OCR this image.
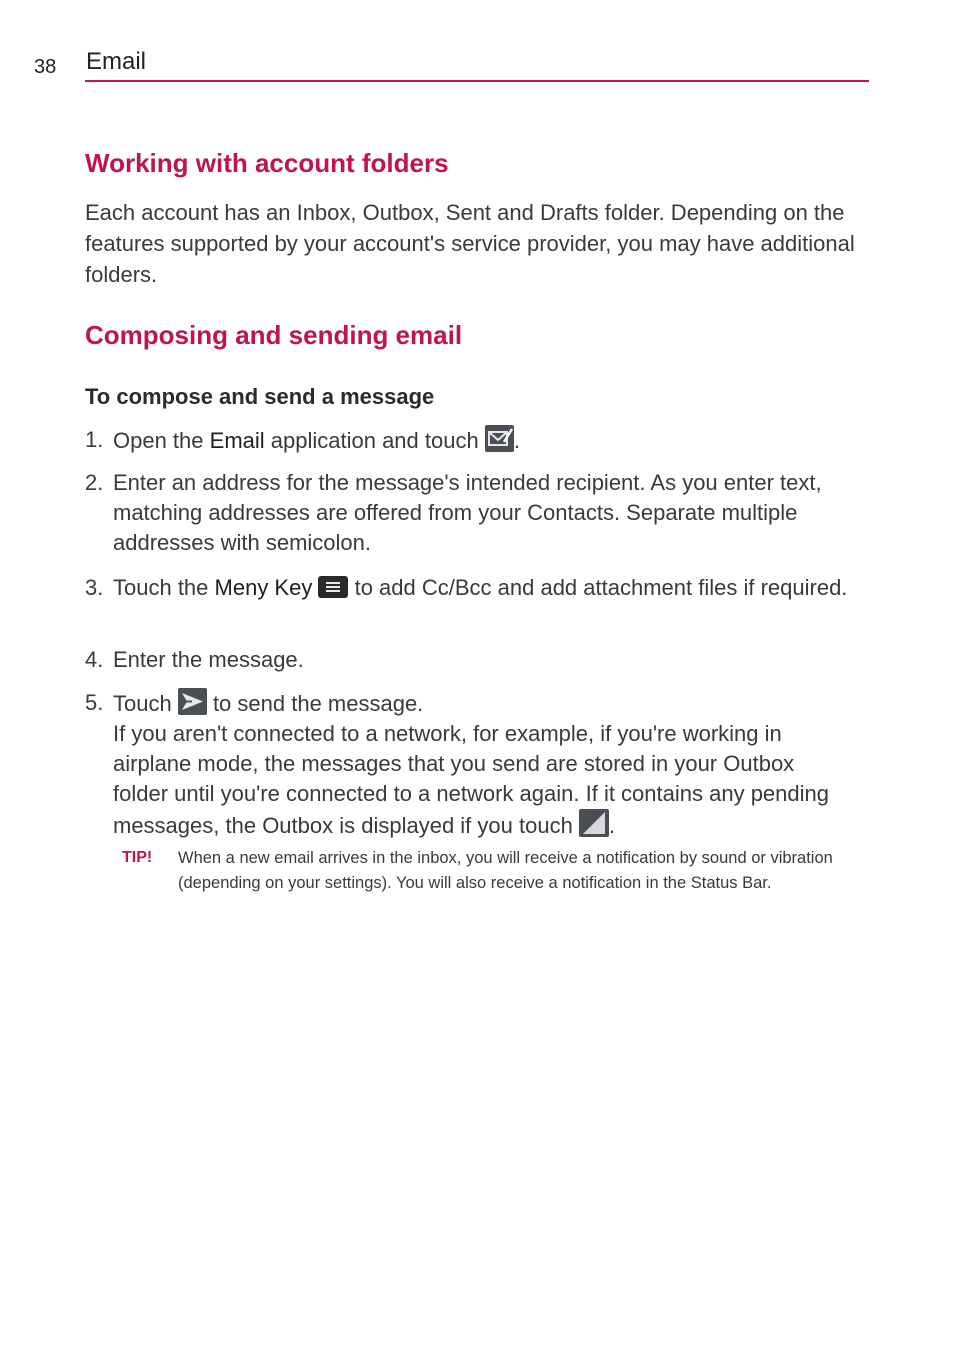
38 Email
Working with account folders

Each account has an Inbox, Outbox, Sent and Drafts folder. Depending on the features supported by your account's service provider, you may have additional folders.

Composing and sending email
To compose and send a message
1. Open the Email application and touch
.
2. Enter an address for the message's intended recipient. As you enter text, matching addresses are offered from your Contacts. Separate multiple addresses with semicolon.
3. Touch the Meny Key
to add Cc/Bcc and add attachment files if required.
4. Enter the message.
5. Touch
to send the message.
If you aren't connected to a network, for example, if you're working in airplane mode, the messages that you send are stored in your Outbox folder until you're connected to a network again. If it contains any pending messages, the Outbox is displayed if you touch
.
TIP! When a new email arrives in the inbox, you will receive a notification by sound or vibration (depending on your settings). You will also receive a notification in the Status Bar.
